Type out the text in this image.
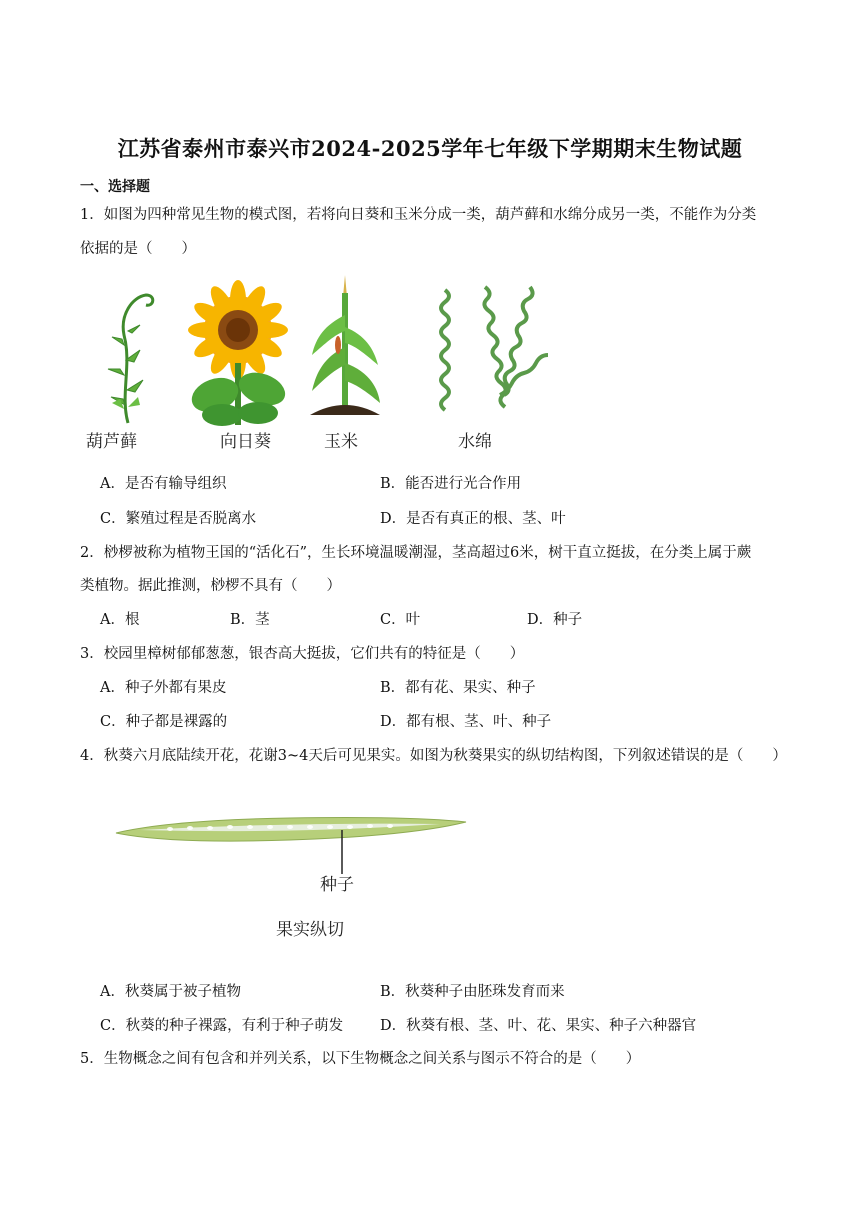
江苏省泰州市泰兴市2024-2025学年七年级下学期期末生物试题
一、选择题
1．如图为四种常见生物的模式图，若将向日葵和玉米分成一类，葫芦藓和水绵分成另一类，不能作为分类
依据的是（　　）
葫芦藓	向日葵	玉米	水绵
A．是否有输导组织	B．能否进行光合作用
C．繁殖过程是否脱离水	D．是否有真正的根、茎、叶
2．桫椤被称为植物王国的“活化石”，生长环境温暖潮湿，茎高超过6米，树干直立挺拔，在分类上属于蕨
类植物。据此推测，桫椤不具有（　　）
A．根	B．茎	C．叶	D．种子
3．校园里樟树郁郁葱葱，银杏高大挺拔，它们共有的特征是（　　）
A．种子外都有果皮	B．都有花、果实、种子
C．种子都是裸露的	D．都有根、茎、叶、种子
4．秋葵六月底陆续开花，花谢3~4天后可见果实。如图为秋葵果实的纵切结构图，下列叙述错误的是（　　）
种子
果实纵切
A．秋葵属于被子植物	B．秋葵种子由胚珠发育而来
C．秋葵的种子裸露，有利于种子萌发	D．秋葵有根、茎、叶、花、果实、种子六种器官
5．生物概念之间有包含和并列关系，以下生物概念之间关系与图示不符合的是（　　）
